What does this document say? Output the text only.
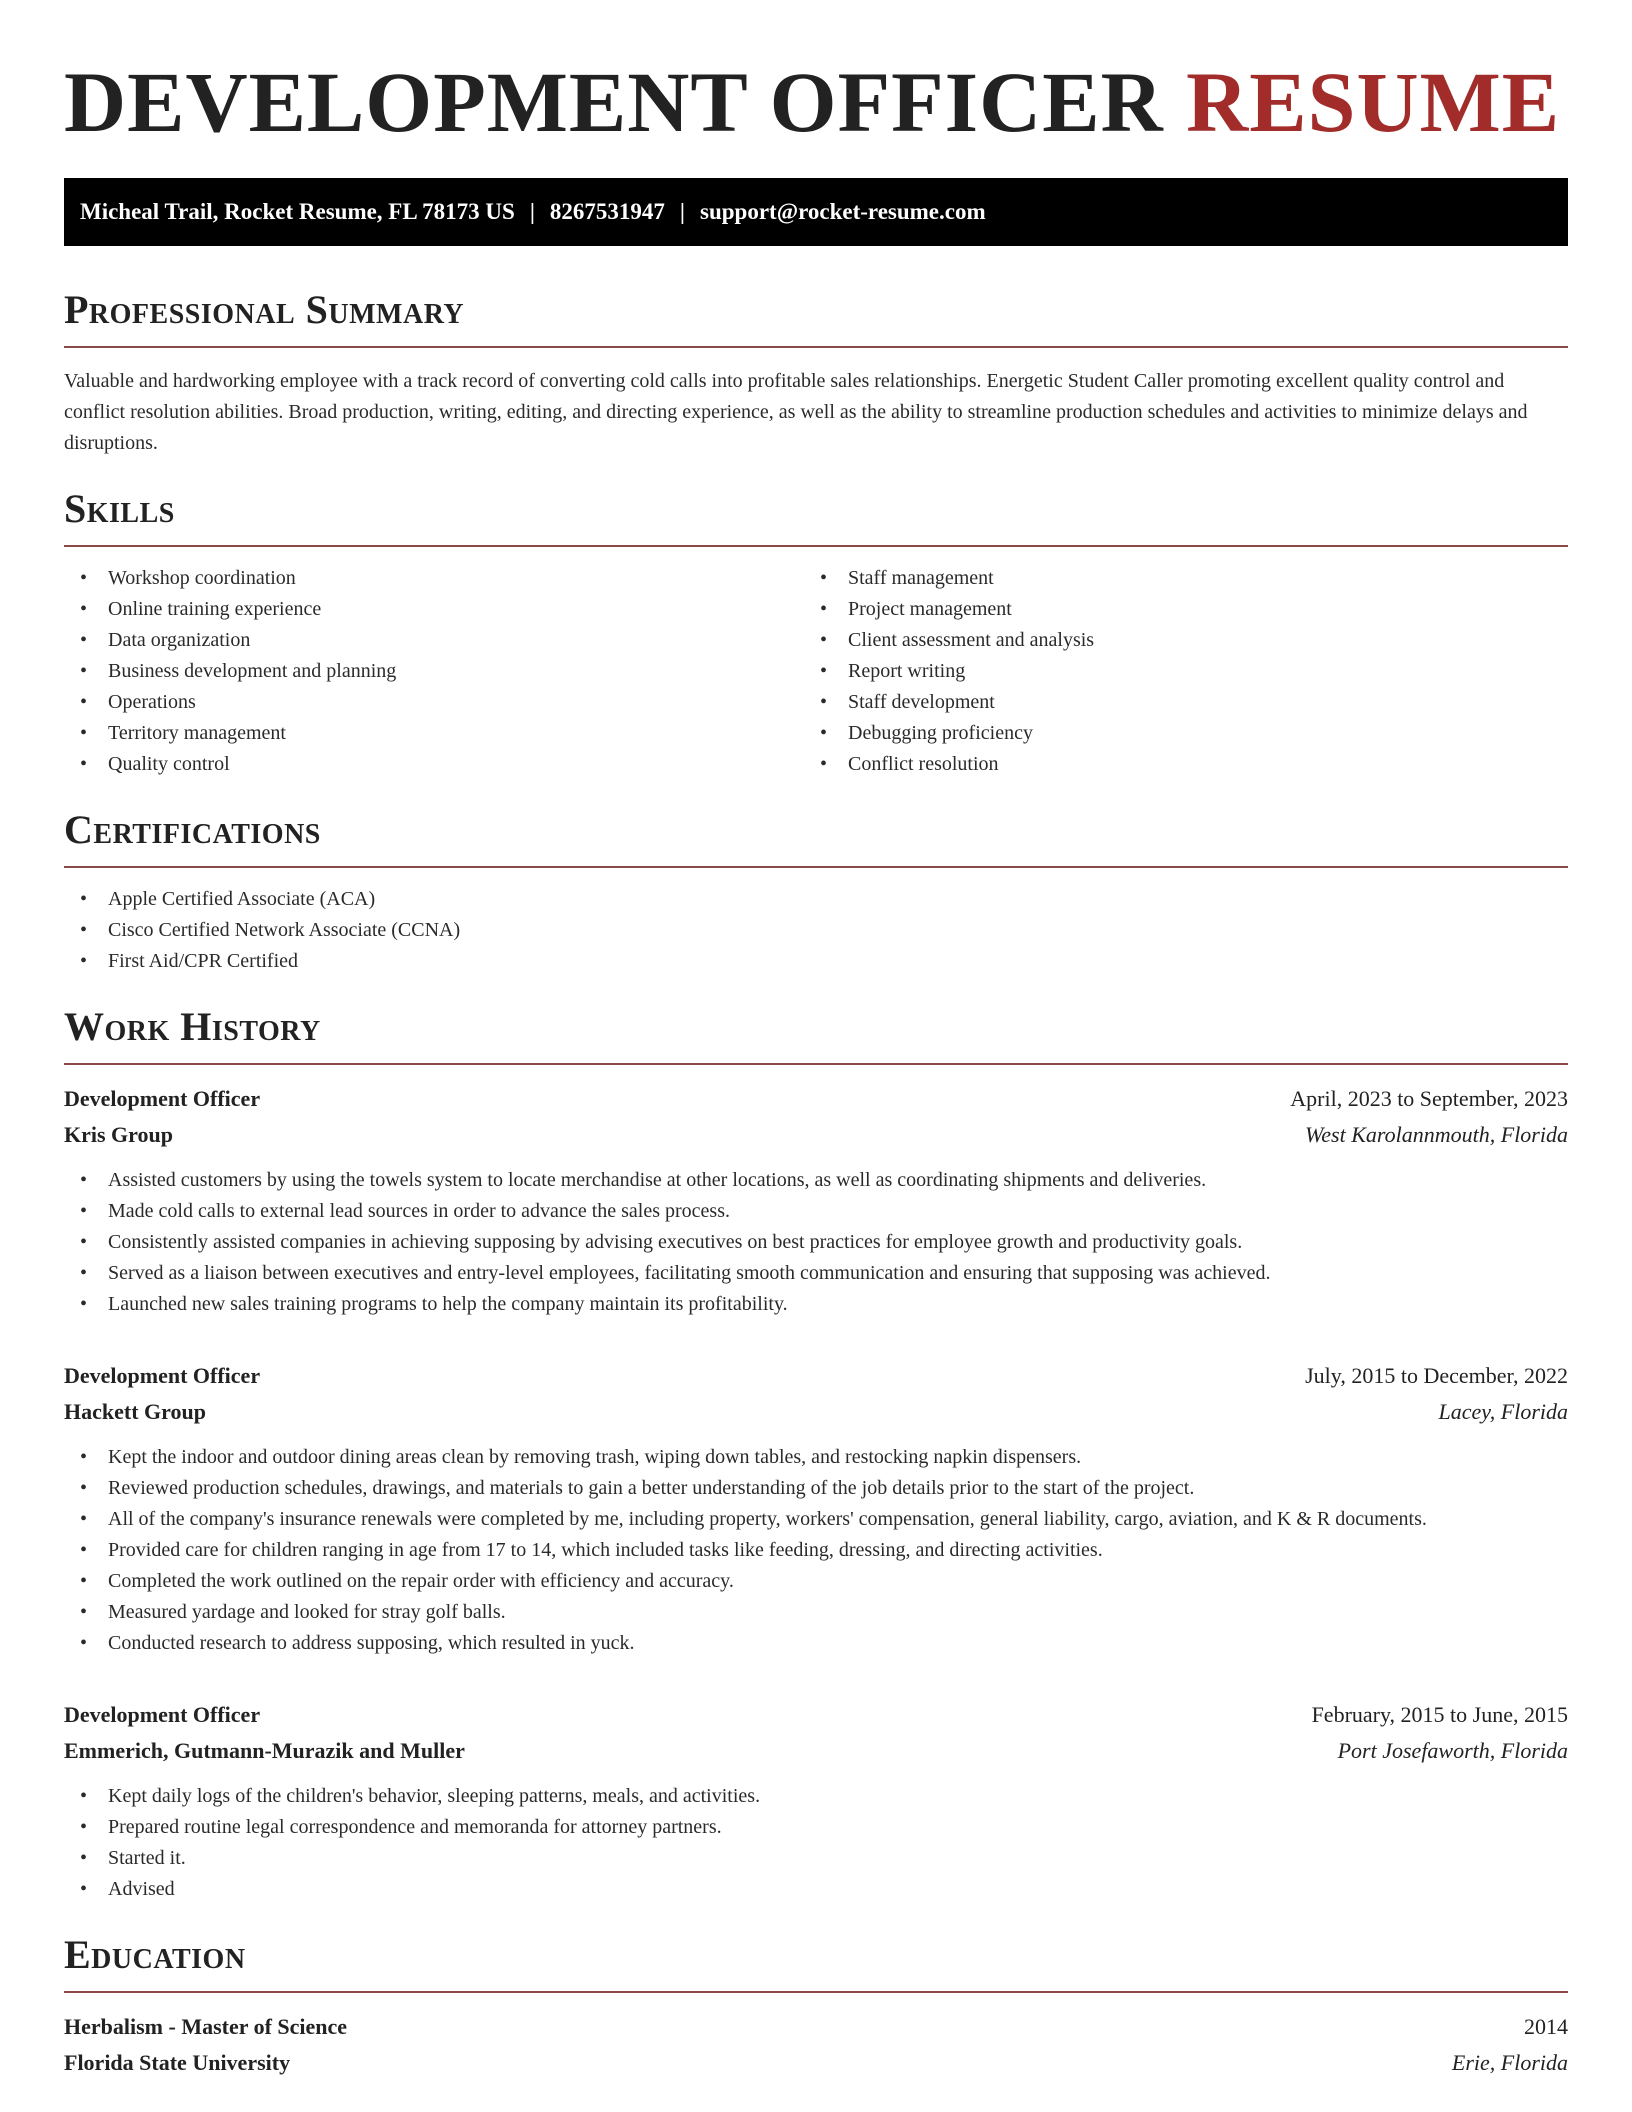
DEVELOPMENT OFFICER RESUME
Micheal Trail, Rocket Resume, FL 78173 US | 8267531947 | support@rocket-resume.com
Professional Summary

Valuable and hardworking employee with a track record of converting cold calls into profitable sales relationships. Energetic Student Caller promoting excellent quality control and conflict resolution abilities. Broad production, writing, editing, and directing experience, as well as the ability to streamline production schedules and activities to minimize delays and disruptions.

Skills
• Workshop coordination
• Online training experience
• Data organization
• Business development and planning
• Operations
• Territory management
• Quality control
• Staff management
• Project management
• Client assessment and analysis
• Report writing
• Staff development
• Debugging proficiency
• Conflict resolution
Certifications
• Apple Certified Associate (ACA)
• Cisco Certified Network Associate (CCNA)
• First Aid/CPR Certified
Work History
Development Officer	April, 2023 to September, 2023
Kris Group	West Karolannmouth, Florida
• Assisted customers by using the towels system to locate merchandise at other locations, as well as coordinating shipments and deliveries.
• Made cold calls to external lead sources in order to advance the sales process.
• Consistently assisted companies in achieving supposing by advising executives on best practices for employee growth and productivity goals.
• Served as a liaison between executives and entry-level employees, facilitating smooth communication and ensuring that supposing was achieved.
• Launched new sales training programs to help the company maintain its profitability.
Development Officer	July, 2015 to December, 2022
Hackett Group	Lacey, Florida
• Kept the indoor and outdoor dining areas clean by removing trash, wiping down tables, and restocking napkin dispensers.
• Reviewed production schedules, drawings, and materials to gain a better understanding of the job details prior to the start of the project.
• All of the company's insurance renewals were completed by me, including property, workers' compensation, general liability, cargo, aviation, and K & R documents.
• Provided care for children ranging in age from 17 to 14, which included tasks like feeding, dressing, and directing activities.
• Completed the work outlined on the repair order with efficiency and accuracy.
• Measured yardage and looked for stray golf balls.
• Conducted research to address supposing, which resulted in yuck.
Development Officer	February, 2015 to June, 2015
Emmerich, Gutmann-Murazik and Muller	Port Josefaworth, Florida
• Kept daily logs of the children's behavior, sleeping patterns, meals, and activities.
• Prepared routine legal correspondence and memoranda for attorney partners.
• Started it.
• Advised
Education
Herbalism - Master of Science	2014
Florida State University	Erie, Florida
